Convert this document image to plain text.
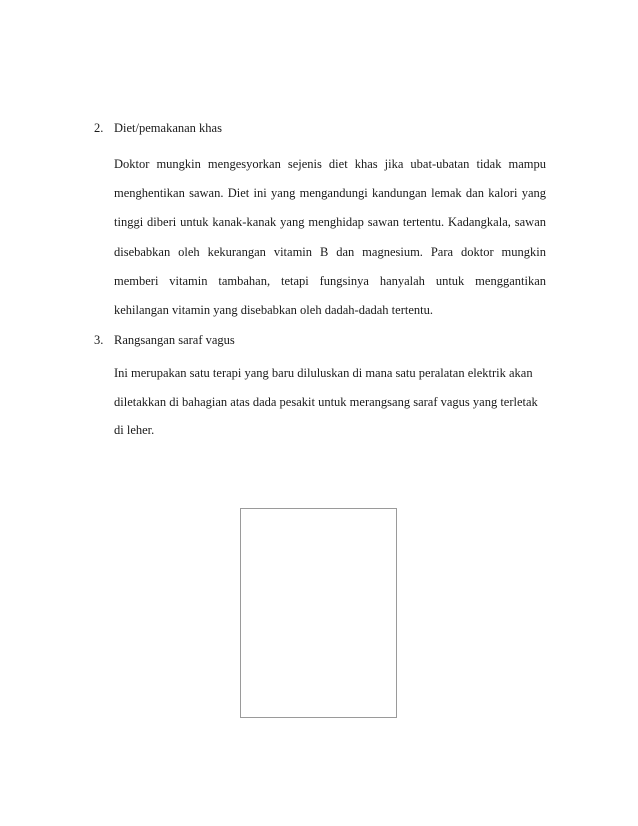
2. Diet/pemakanan khas

Doktor mungkin mengesyorkan sejenis diet khas jika ubat-ubatan tidak mampu menghentikan sawan. Diet ini yang mengandungi kandungan lemak dan kalori yang tinggi diberi untuk kanak-kanak yang menghidap sawan tertentu. Kadangkala, sawan disebabkan oleh kekurangan vitamin B dan magnesium. Para doktor mungkin memberi vitamin tambahan, tetapi fungsinya hanyalah untuk menggantikan kehilangan vitamin yang disebabkan oleh dadah-dadah tertentu.

3. Rangsangan saraf vagus

Ini merupakan satu terapi yang baru diluluskan di mana satu peralatan elektrik akan diletakkan di bahagian atas dada pesakit untuk merangsang saraf vagus yang terletak di leher.
